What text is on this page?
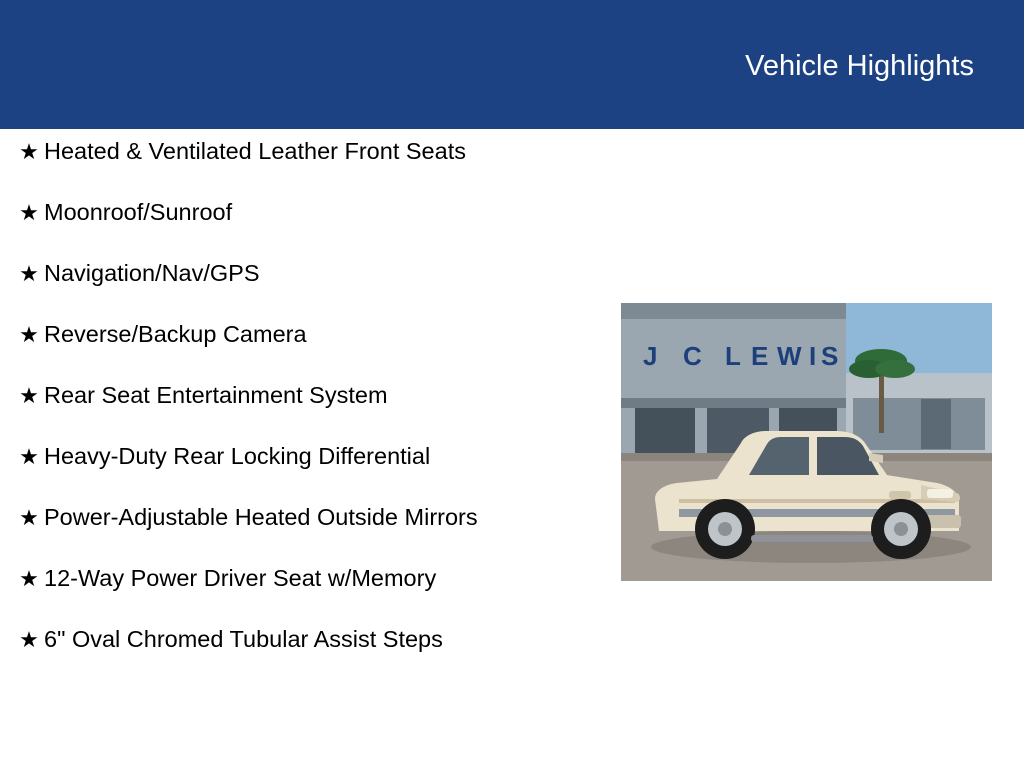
Vehicle Highlights
★ Heated & Ventilated Leather Front Seats
★ Moonroof/Sunroof
★ Navigation/Nav/GPS
★ Reverse/Backup Camera
★ Rear Seat Entertainment System
★ Heavy-Duty Rear Locking Differential
★ Power-Adjustable Heated Outside Mirrors
★ 12-Way Power Driver Seat w/Memory
★ 6" Oval Chromed Tubular Assist Steps
J C L E W I S
